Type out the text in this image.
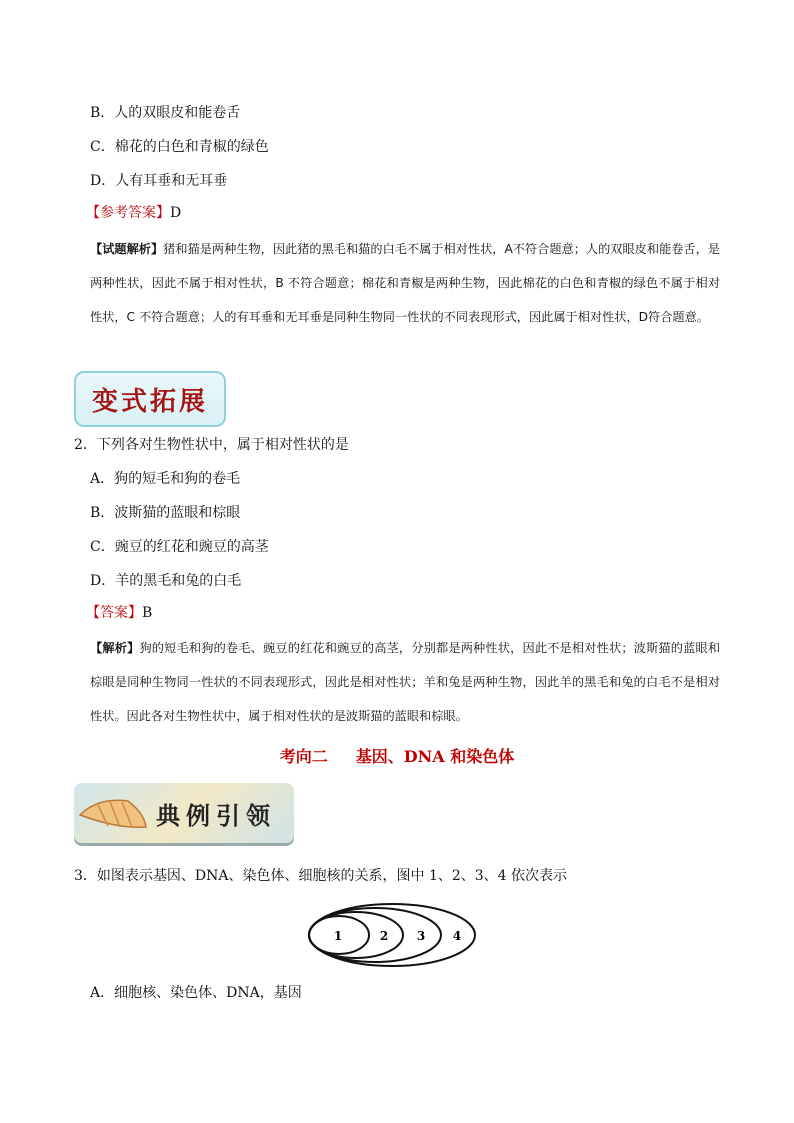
B．人的双眼皮和能卷舌
C．棉花的白色和青椒的绿色
D．人有耳垂和无耳垂
【参考答案】D
【试题解析】猪和猫是两种生物，因此猪的黑毛和猫的白毛不属于相对性状，A不符合题意；人的双眼皮和能卷舌，是两种性状，因此不属于相对性状，B 不符合题意；棉花和青椒是两种生物，因此棉花的白色和青椒的绿色不属于相对性状，C 不符合题意；人的有耳垂和无耳垂是同种生物同一性状的不同表现形式，因此属于相对性状，D符合题意。
变式拓展
2．下列各对生物性状中，属于相对性状的是
A．狗的短毛和狗的卷毛
B．波斯猫的蓝眼和棕眼
C．豌豆的红花和豌豆的高茎
D．羊的黑毛和兔的白毛
【答案】B
【解析】狗的短毛和狗的卷毛、豌豆的红花和豌豆的高茎，分别都是两种性状，因此不是相对性状；波斯猫的蓝眼和棕眼是同种生物同一性状的不同表现形式，因此是相对性状；羊和兔是两种生物，因此羊的黑毛和兔的白毛不是相对性状。因此各对生物性状中，属于相对性状的是波斯猫的蓝眼和棕眼。
考向二 基因、DNA 和染色体
典例引领
3．如图表示基因、DNA、染色体、细胞核的关系，图中 1、2、3、4 依次表示
1	2 3 4
A．细胞核、染色体、DNA，基因
